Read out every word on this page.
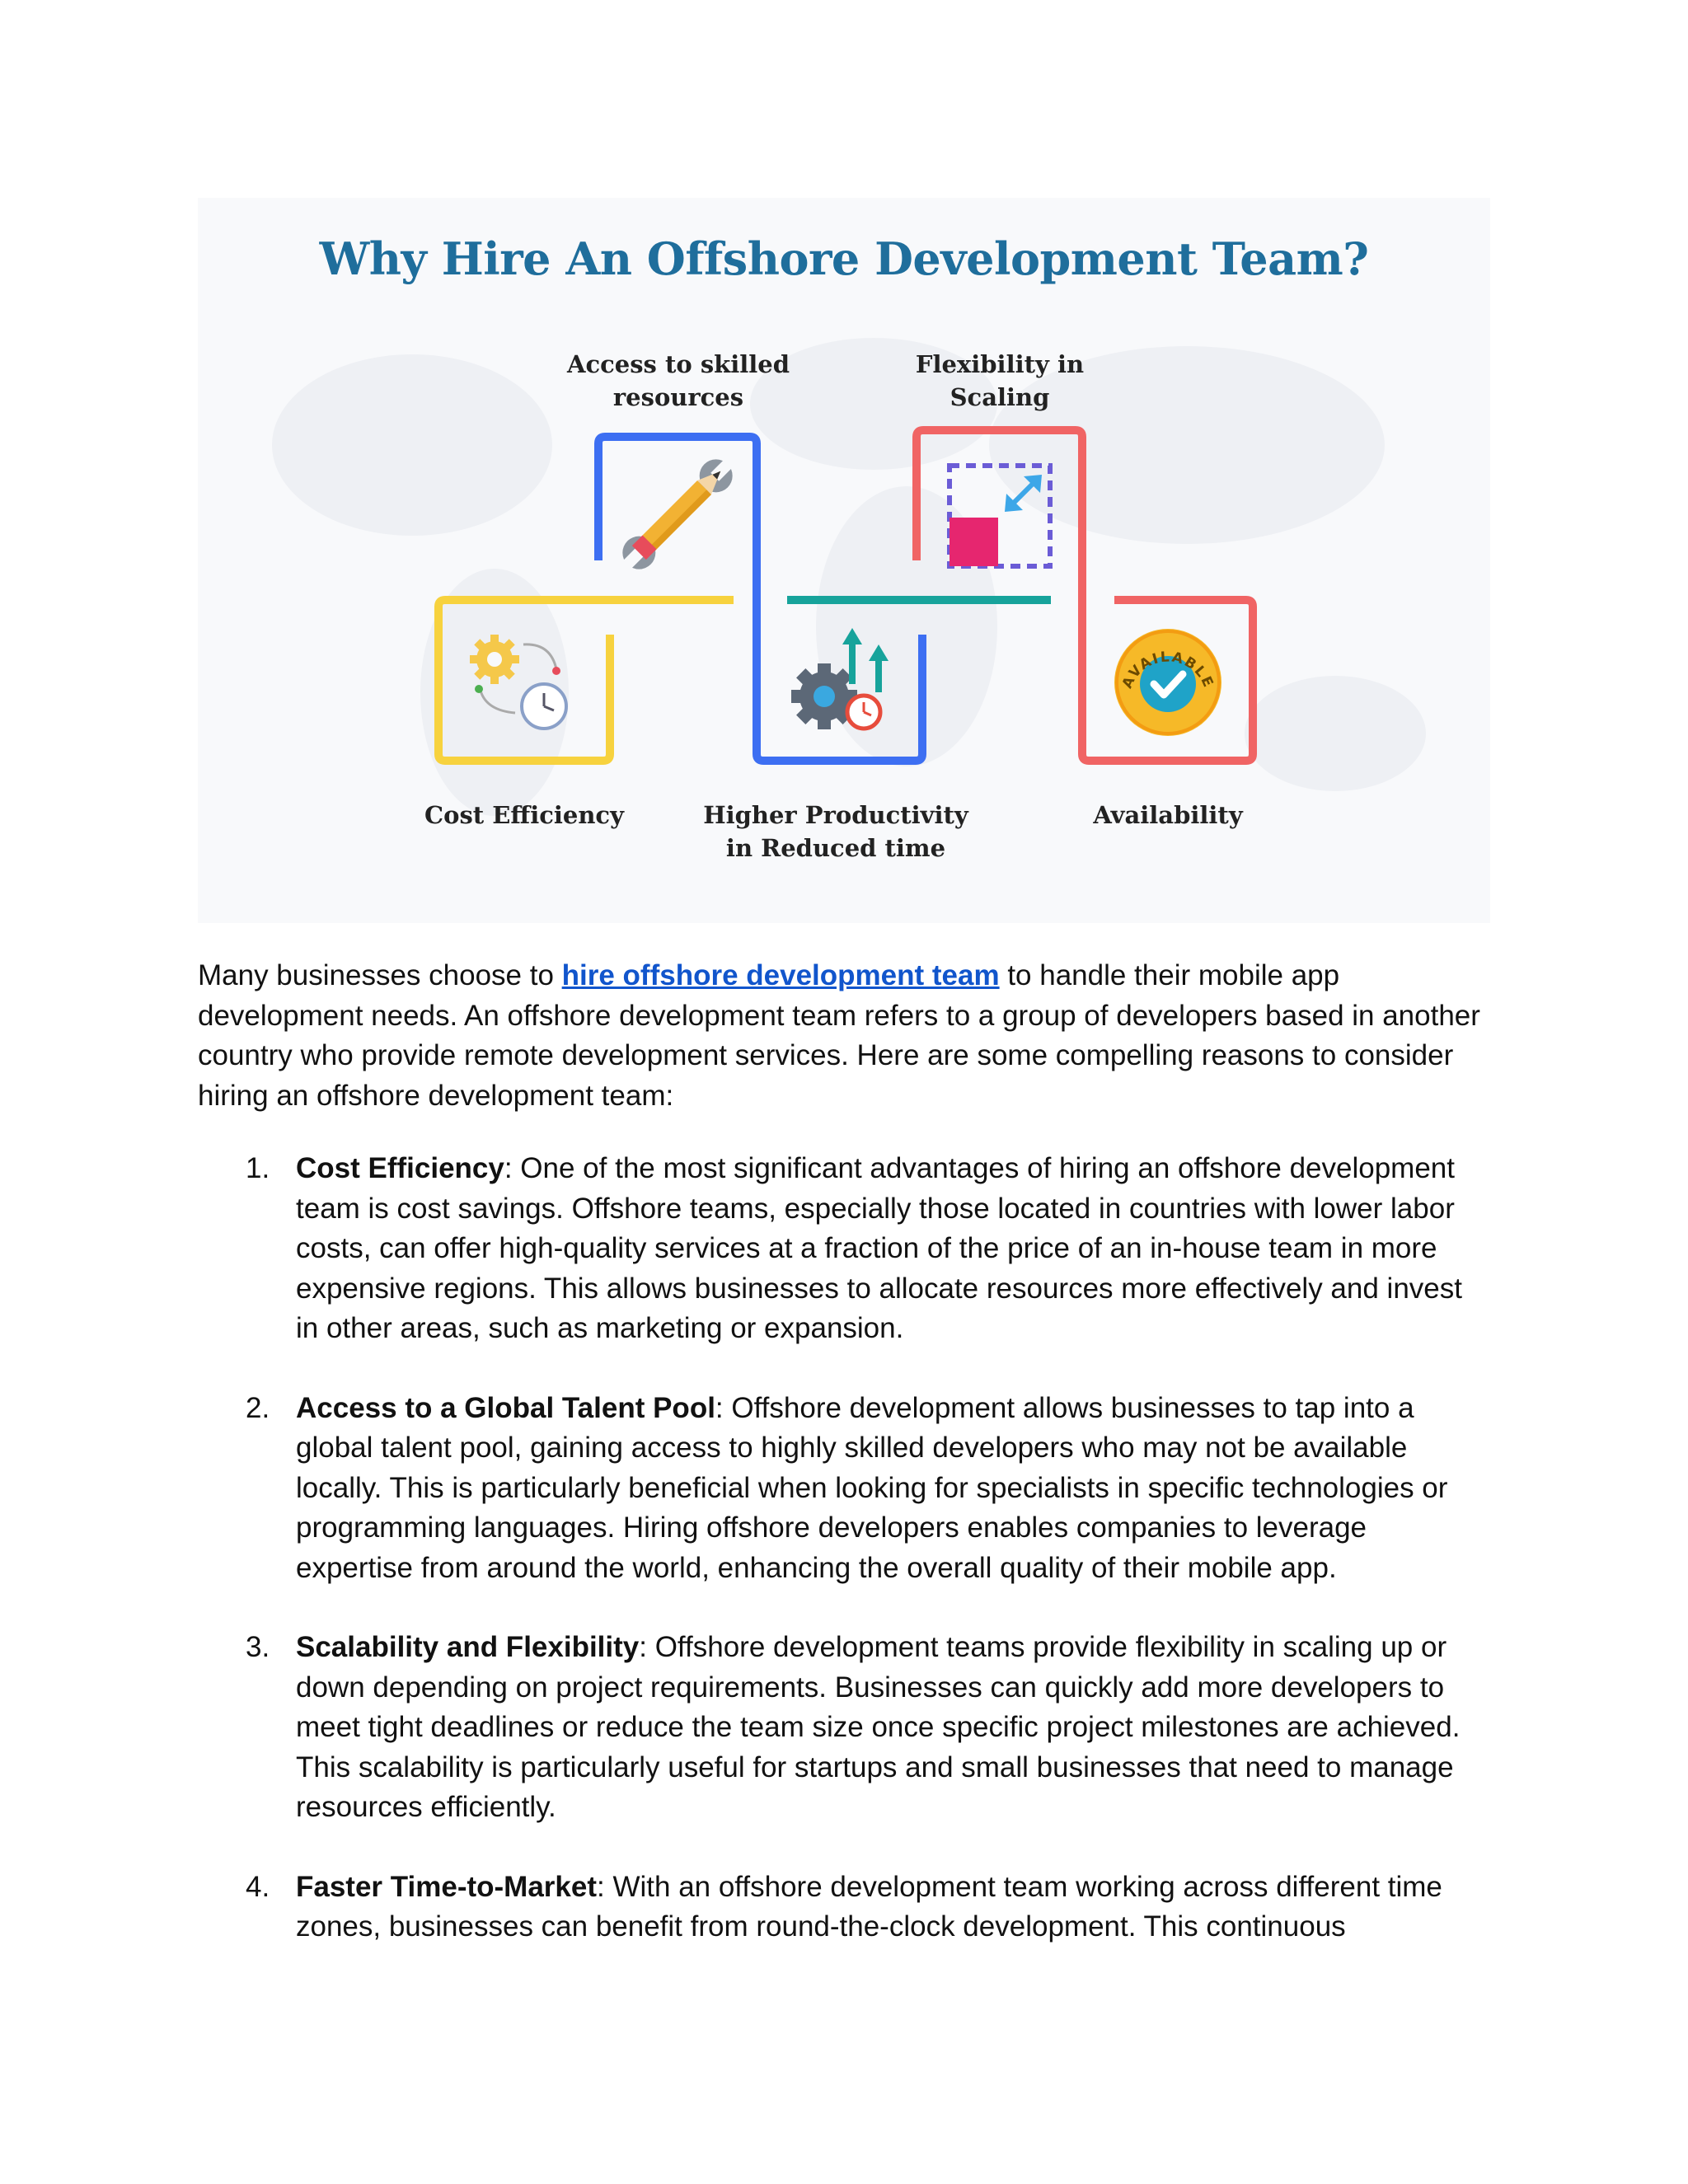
AVAILABLE
Why Hire An Offshore Development Team?
Access to skilled
resources
Flexibility in
Scaling
Cost Efficiency	Higher Productivity
in Reduced time
Availability

Many businesses choose to hire offshore development team to handle their mobile app development needs. An offshore development team refers to a group of developers based in another country who provide remote development services. Here are some compelling reasons to consider hiring an offshore development team:

1. Cost Efficiency: One of the most significant advantages of hiring an offshore development team is cost savings. Offshore teams, especially those located in countries with lower labor costs, can offer high-quality services at a fraction of the price of an in-house team in more expensive regions. This allows businesses to allocate resources more effectively and invest in other areas, such as marketing or expansion.
2. Access to a Global Talent Pool: Offshore development allows businesses to tap into a global talent pool, gaining access to highly skilled developers who may not be available locally. This is particularly beneficial when looking for specialists in specific technologies or programming languages. Hiring offshore developers enables companies to leverage expertise from around the world, enhancing the overall quality of their mobile app.
3. Scalability and Flexibility: Offshore development teams provide flexibility in scaling up or down depending on project requirements. Businesses can quickly add more developers to meet tight deadlines or reduce the team size once specific project milestones are achieved. This scalability is particularly useful for startups and small businesses that need to manage resources efficiently.
4. Faster Time-to-Market: With an offshore development team working across different time zones, businesses can benefit from round-the-clock development. This continuous
